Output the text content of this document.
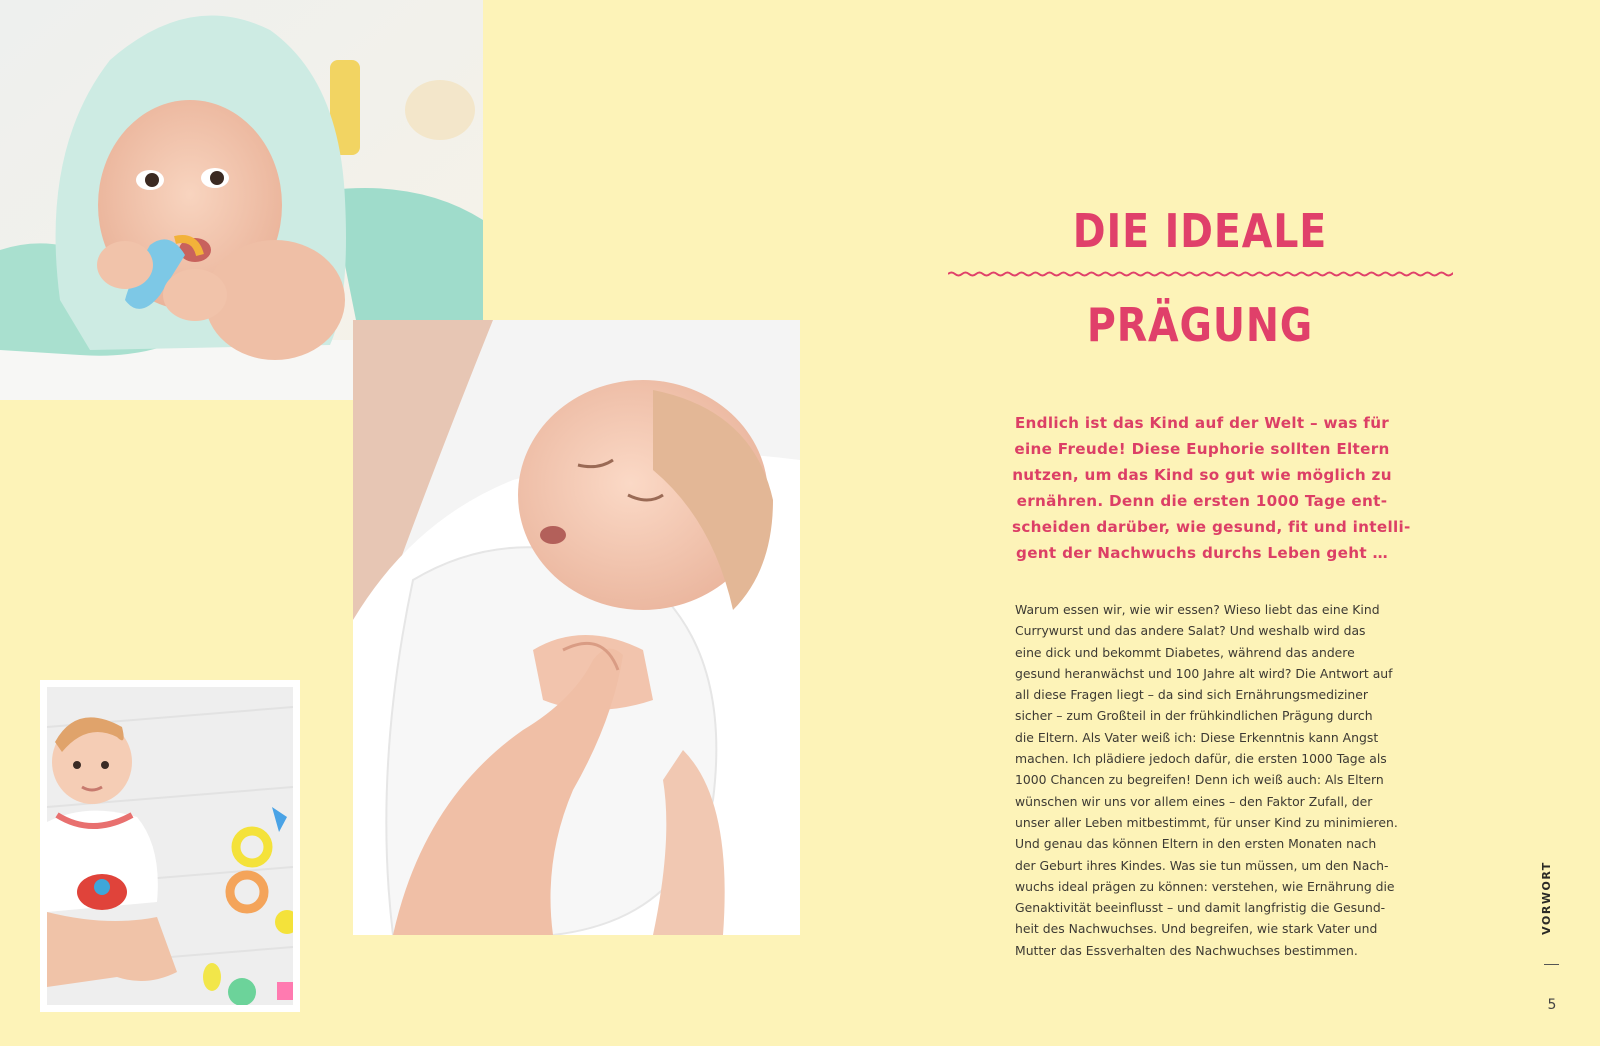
DIE IDEALE
PRÄGUNG
Endlich ist das Kind auf der Welt – was für
eine Freude! Diese Euphorie sollten Eltern
nutzen, um das Kind so gut wie möglich zu
ernähren. Denn die ersten 1000 Tage ent-
scheiden darüber, wie gesund, fit und intelli-
gent der Nachwuchs durchs Leben geht …
Warum essen wir, wie wir essen? Wieso liebt das eine Kind
Currywurst und das andere Salat? Und weshalb wird das
eine dick und bekommt Diabetes, während das andere
gesund heranwächst und 100 Jahre alt wird? Die Antwort auf
all diese Fragen liegt – da sind sich Ernährungsmediziner
sicher – zum Großteil in der frühkindlichen Prägung durch
die Eltern. Als Vater weiß ich: Diese Erkenntnis kann Angst
machen. Ich plädiere jedoch dafür, die ersten 1000 Tage als
1000 Chancen zu begreifen! Denn ich weiß auch: Als Eltern
wünschen wir uns vor allem eines – den Faktor Zufall, der
unser aller Leben mitbestimmt, für unser Kind zu minimieren.
Und genau das können Eltern in den ersten Monaten nach
der Geburt ihres Kindes. Was sie tun müssen, um den Nach-
wuchs ideal prägen zu können: verstehen, wie Ernährung die
Genaktivität beeinflusst – und damit langfristig die Gesund-
heit des Nachwuchses. Und begreifen, wie stark Vater und
Mutter das Essverhalten des Nachwuchses bestimmen.
VORWORT
5
